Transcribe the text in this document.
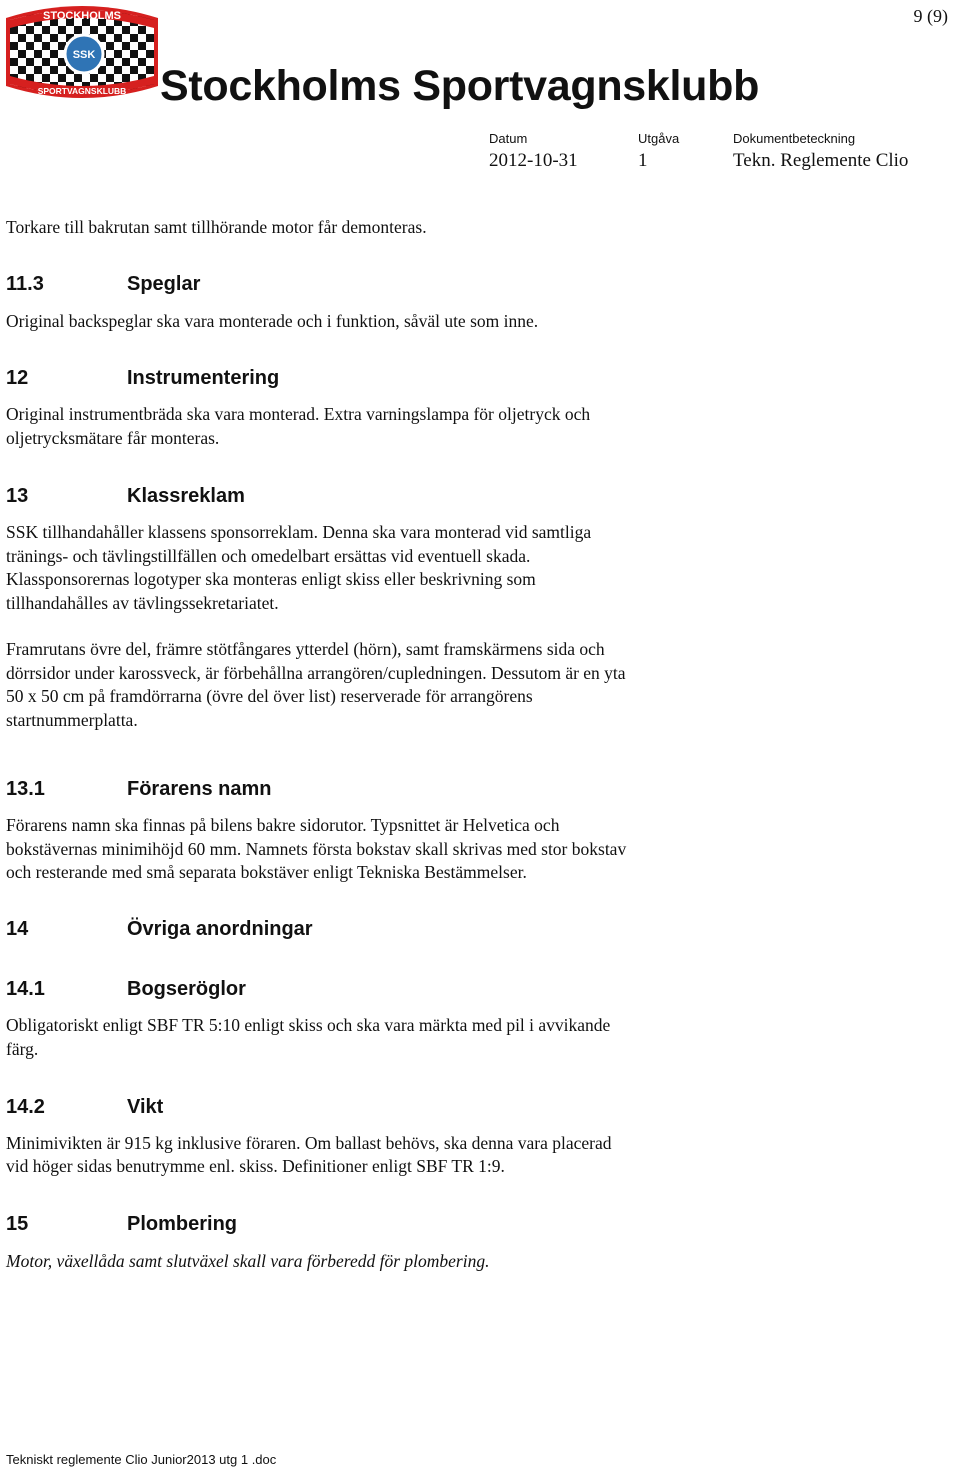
STOCKHOLMS
SSK
SPORTVAGNSKLUBB
9 (9)
Stockholms Sportvagnsklubb
Datum	Utgåva	Dokumentbeteckning
2012-10-31	1	Tekn. Reglemente Clio

Torkare till bakrutan samt tillhörande motor får demonteras.

11.3	Speglar

Original backspeglar ska vara monterade och i funktion, såväl ute som inne.

12	Instrumentering

Original instrumentbräda ska vara monterad. Extra varningslampa för oljetryck och

oljetrycksmätare får monteras.

13	Klassreklam

SSK tillhandahåller klassens sponsorreklam. Denna ska vara monterad vid samtliga

tränings- och tävlingstillfällen och omedelbart ersättas vid eventuell skada.

Klassponsorernas logotyper ska monteras enligt skiss eller beskrivning som

tillhandahålles av tävlingssekretariatet.

Framrutans övre del, främre stötfångares ytterdel (hörn), samt framskärmens sida och

dörrsidor under karossveck, är förbehållna arrangören/cupledningen. Dessutom är en yta

50 x 50 cm på framdörrarna (övre del över list) reserverade för arrangörens

startnummerplatta.

13.1	Förarens namn

Förarens namn ska finnas på bilens bakre sidorutor. Typsnittet är Helvetica och

bokstävernas minimihöjd 60 mm. Namnets första bokstav skall skrivas med stor bokstav

och resterande med små separata bokstäver enligt Tekniska Bestämmelser.

14	Övriga anordningar
14.1	Bogseröglor

Obligatoriskt enligt SBF TR 5:10 enligt skiss och ska vara märkta med pil i avvikande

färg.

14.2	Vikt

Minimivikten är 915 kg inklusive föraren. Om ballast behövs, ska denna vara placerad

vid höger sidas benutrymme enl. skiss. Definitioner enligt SBF TR 1:9.

15	Plombering

Motor, växellåda samt slutväxel skall vara förberedd för plombering.

Tekniskt reglemente Clio Junior2013 utg 1 .doc
